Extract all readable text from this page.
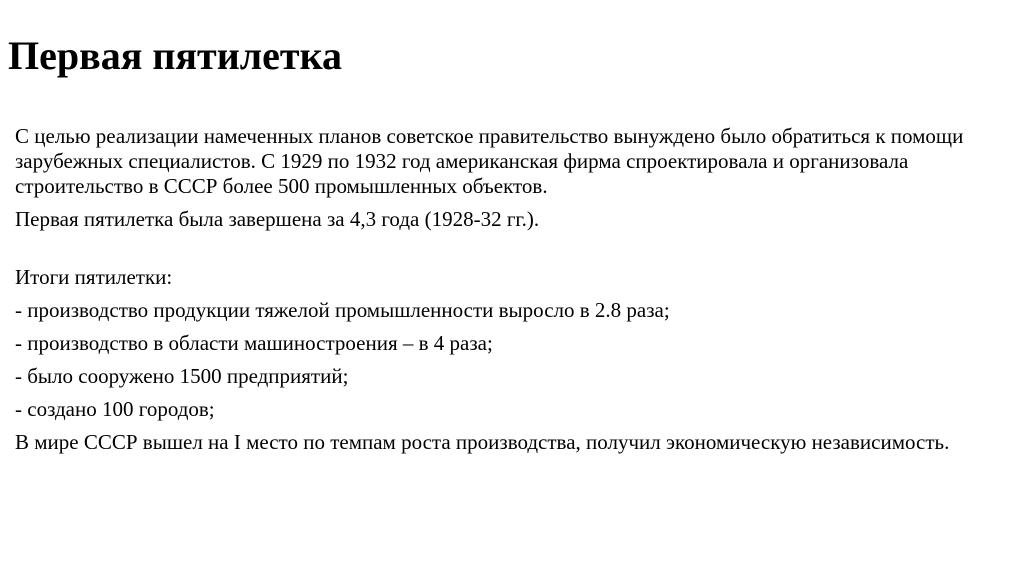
Первая пятилетка

С целью реализации намеченных планов советское правительство вынуждено было обратиться к помощи зарубежных специалистов. С 1929 по 1932 год американская фирма спроектировала и организовала строительство в СССР более 500 промышленных объектов.

Первая пятилетка была завершена за 4,3 года (1928-32 гг.).

Итоги пятилетки:

- производство продукции тяжелой промышленности выросло в 2.8 раза;
- производство в области машиностроения – в 4 раза;
- было сооружено 1500 предприятий;
- создано 100 городов;

В мире СССР вышел на I место по темпам роста производства, получил экономическую независимость.
